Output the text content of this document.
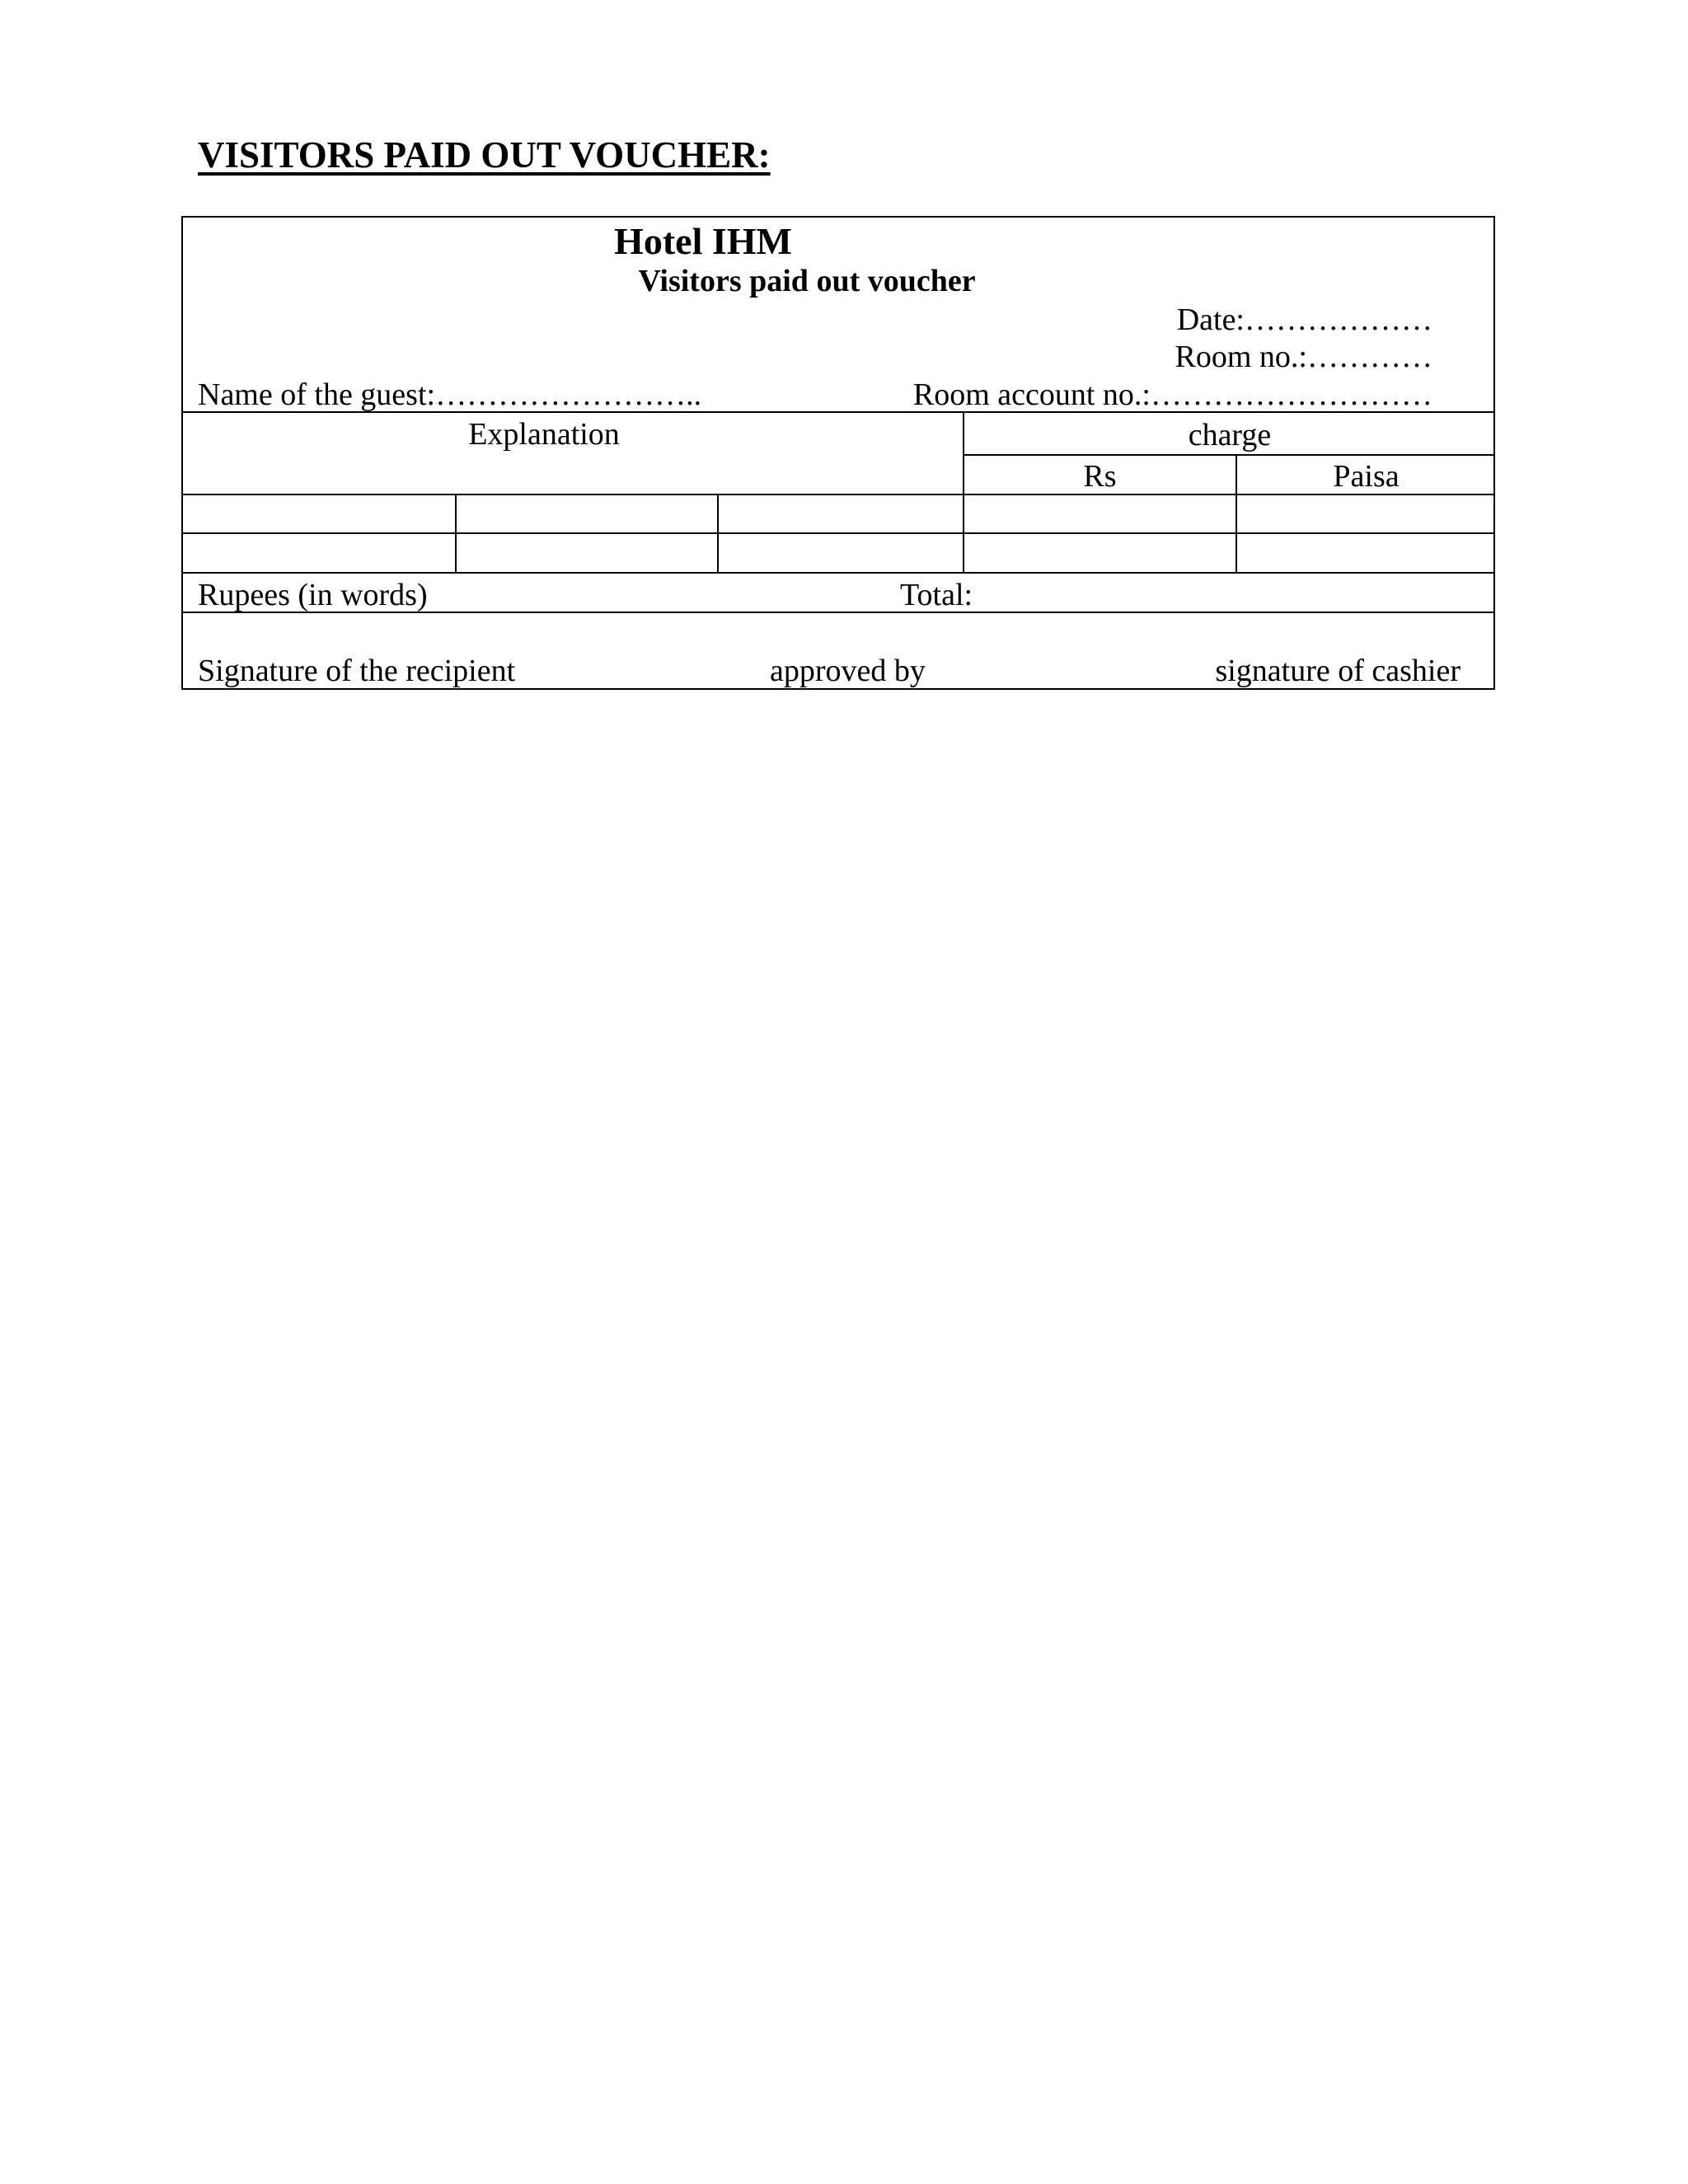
VISITORS PAID OUT VOUCHER:
Hotel IHM
Visitors paid out voucher
Date:………………
Room no.:…………
Name of the guest:……………………..	Room account no.:………………………
Explanation	charge
Rs	Paisa
Rupees (in words)	Total:
Signature of the recipient	approved by	signature of cashier
